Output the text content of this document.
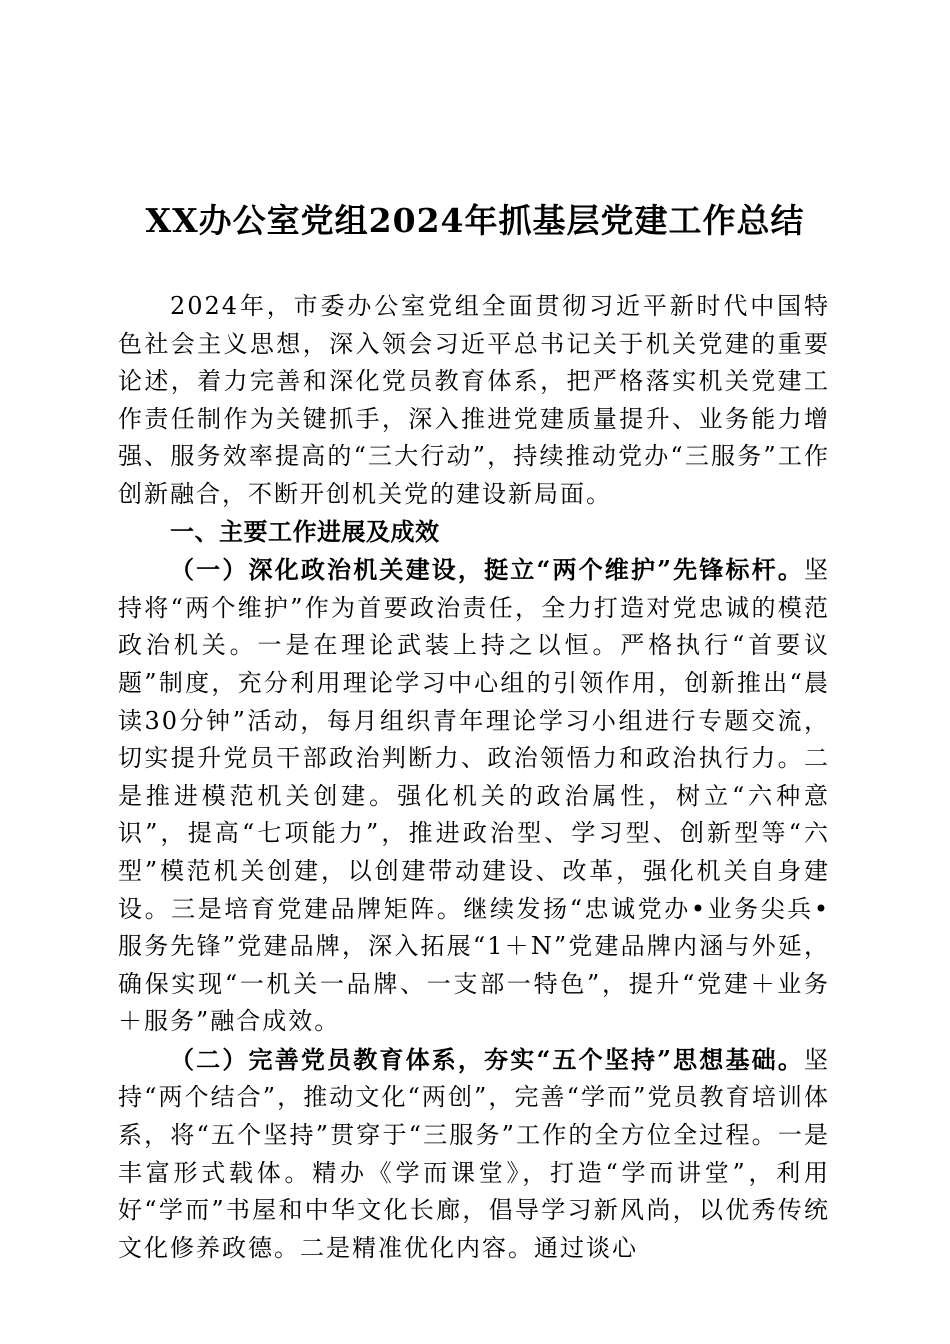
XX办公室党组2024年抓基层党建工作总结

2024年，市委办公室党组全面贯彻习近平新时代中国特色社会主义思想，深入领会习近平总书记关于机关党建的重要论述，着力完善和深化党员教育体系，把严格落实机关党建工作责任制作为关键抓手，深入推进党建质量提升、业务能力增强、服务效率提高的“三大行动”，持续推动党办“三服务”工作创新融合，不断开创机关党的建设新局面。

一、主要工作进展及成效

（一）深化政治机关建设，挺立“两个维护”先锋标杆。坚持将“两个维护”作为首要政治责任，全力打造对党忠诚的模范政治机关。一是在理论武装上持之以恒。严格执行“首要议题”制度，充分利用理论学习中心组的引领作用，创新推出“晨读30分钟”活动，每月组织青年理论学习小组进行专题交流，切实提升党员干部政治判断力、政治领悟力和政治执行力。二是推进模范机关创建。强化机关的政治属性，树立“六种意识”，提高“七项能力”，推进政治型、学习型、创新型等“六型”模范机关创建，以创建带动建设、改革，强化机关自身建设。三是培育党建品牌矩阵。继续发扬“忠诚党办•业务尖兵•服务先锋”党建品牌，深入拓展“1＋N”党建品牌内涵与外延，确保实现“一机关一品牌、一支部一特色”，提升“党建＋业务＋服务”融合成效。

（二）完善党员教育体系，夯实“五个坚持”思想基础。坚持“两个结合”，推动文化“两创”，完善“学而”党员教育培训体系，将“五个坚持”贯穿于“三服务”工作的全方位全过程。一是丰富形式载体。精办《学而课堂》，打造“学而讲堂”，利用好“学而”书屋和中华文化长廊，倡导学习新风尚，以优秀传统文化修养政德。二是精准优化内容。通过谈心
